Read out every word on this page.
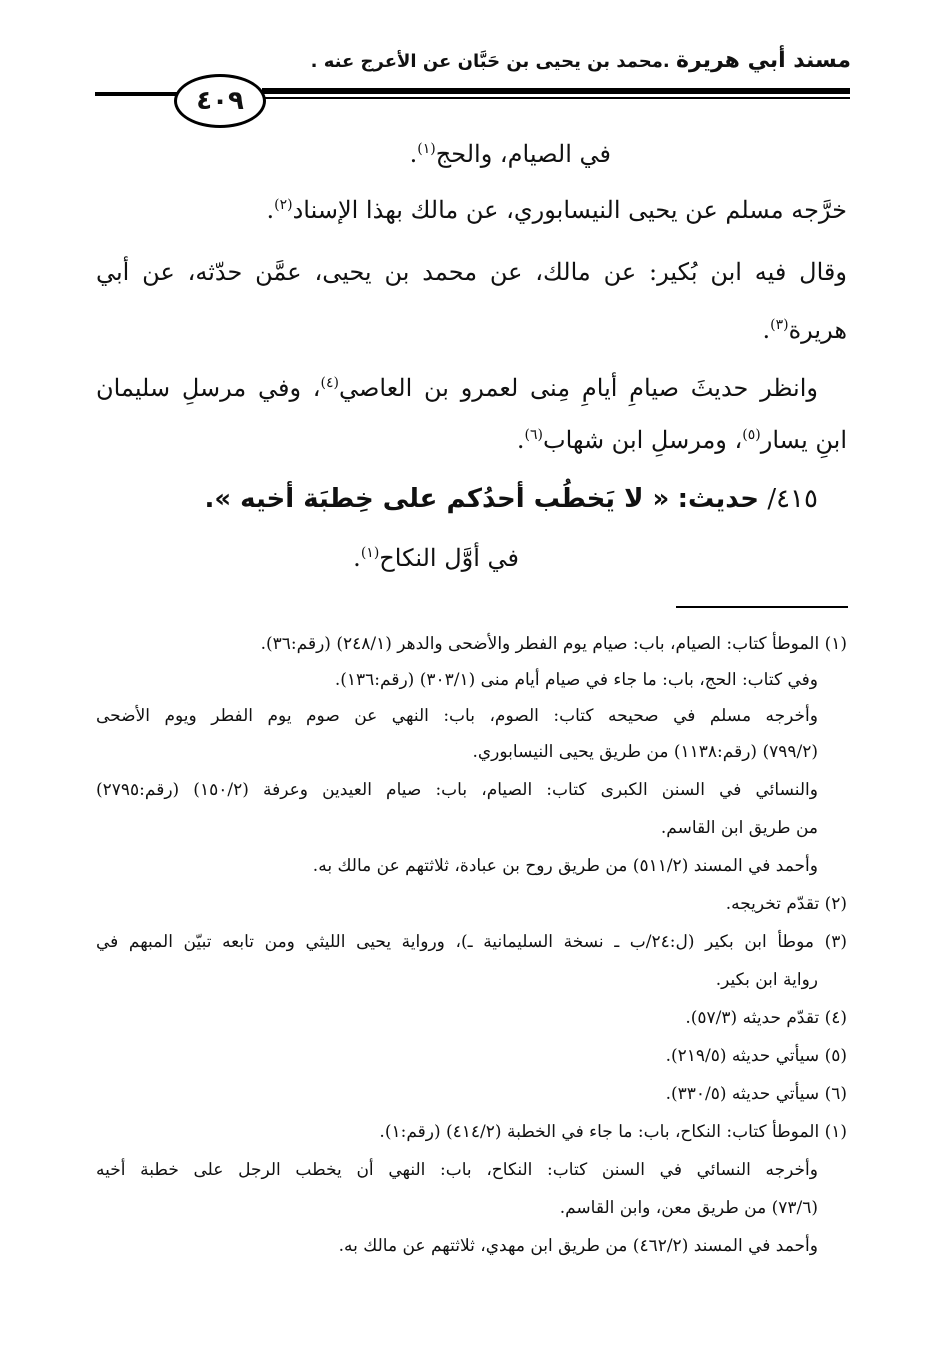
مسند أبي هريرة .محمد بن يحيى بن حَبَّان عن الأعرج عنه .
٤٠٩
في الصيام، والحج$^{(١)}$.
خرَّجه مسلم عن يحيى النيسابوري، عن مالك بهذا الإسناد$^{(٢)}$.
وقال فيه ابن بُكير: عن مالك، عن محمد بن يحيى، عمَّن حدّثه، عن أبي
هريرة$^{(٣)}$.
وانظر حديثَ صيامِ أيامِ مِنى لعمرو بن العاصي$^{(٤)}$، وفي مرسلِ سليمان
ابنِ يسار$^{(٥)}$، ومرسلِ ابن شهاب$^{(٦)}$.
٤١٥/ حديث: « لا يَخطُب أحدُكم على خِطبَة أخيه ».
في أوَّل النكاح$^{(١)}$.
(١) الموطأ كتاب: الصيام، باب: صيام يوم الفطر والأضحى والدهر (٢٤٨/١) (رقم:٣٦).
وفي كتاب: الحج، باب: ما جاء في صيام أيام منى (٣٠٣/١) (رقم:١٣٦).
وأخرجه مسلم في صحيحه كتاب: الصوم، باب: النهي عن صوم يوم الفطر ويوم الأضحى
(٧٩٩/٢) (رقم:١١٣٨) من طريق يحيى النيسابوري.
والنسائي في السنن الكبرى كتاب: الصيام، باب: صيام العيدين وعرفة (١٥٠/٢) (رقم:٢٧٩٥)
من طريق ابن القاسم.
وأحمد في المسند (٥١١/٢) من طريق روح بن عبادة، ثلاثتهم عن مالك به.
(٢) تقدّم تخريجه.
(٣) موطأ ابن بكير (ل:٢٤/ب ـ نسخة السليمانية ـ)، ورواية يحيى الليثي ومن تابعه تبيّن المبهم في
رواية ابن بكير.
(٤) تقدّم حديثه (٥٧/٣).
(٥) سيأتي حديثه (٢١٩/٥).
(٦) سيأتي حديثه (٣٣٠/٥).
(١) الموطأ كتاب: النكاح، باب: ما جاء في الخطبة (٤١٤/٢) (رقم:١).
وأخرجه النسائي في السنن كتاب: النكاح، باب: النهي أن يخطب الرجل على خطبة أخيه
(٧٣/٦) من طريق معن، وابن القاسم.
وأحمد في المسند (٤٦٢/٢) من طريق ابن مهدي، ثلاثتهم عن مالك به.
